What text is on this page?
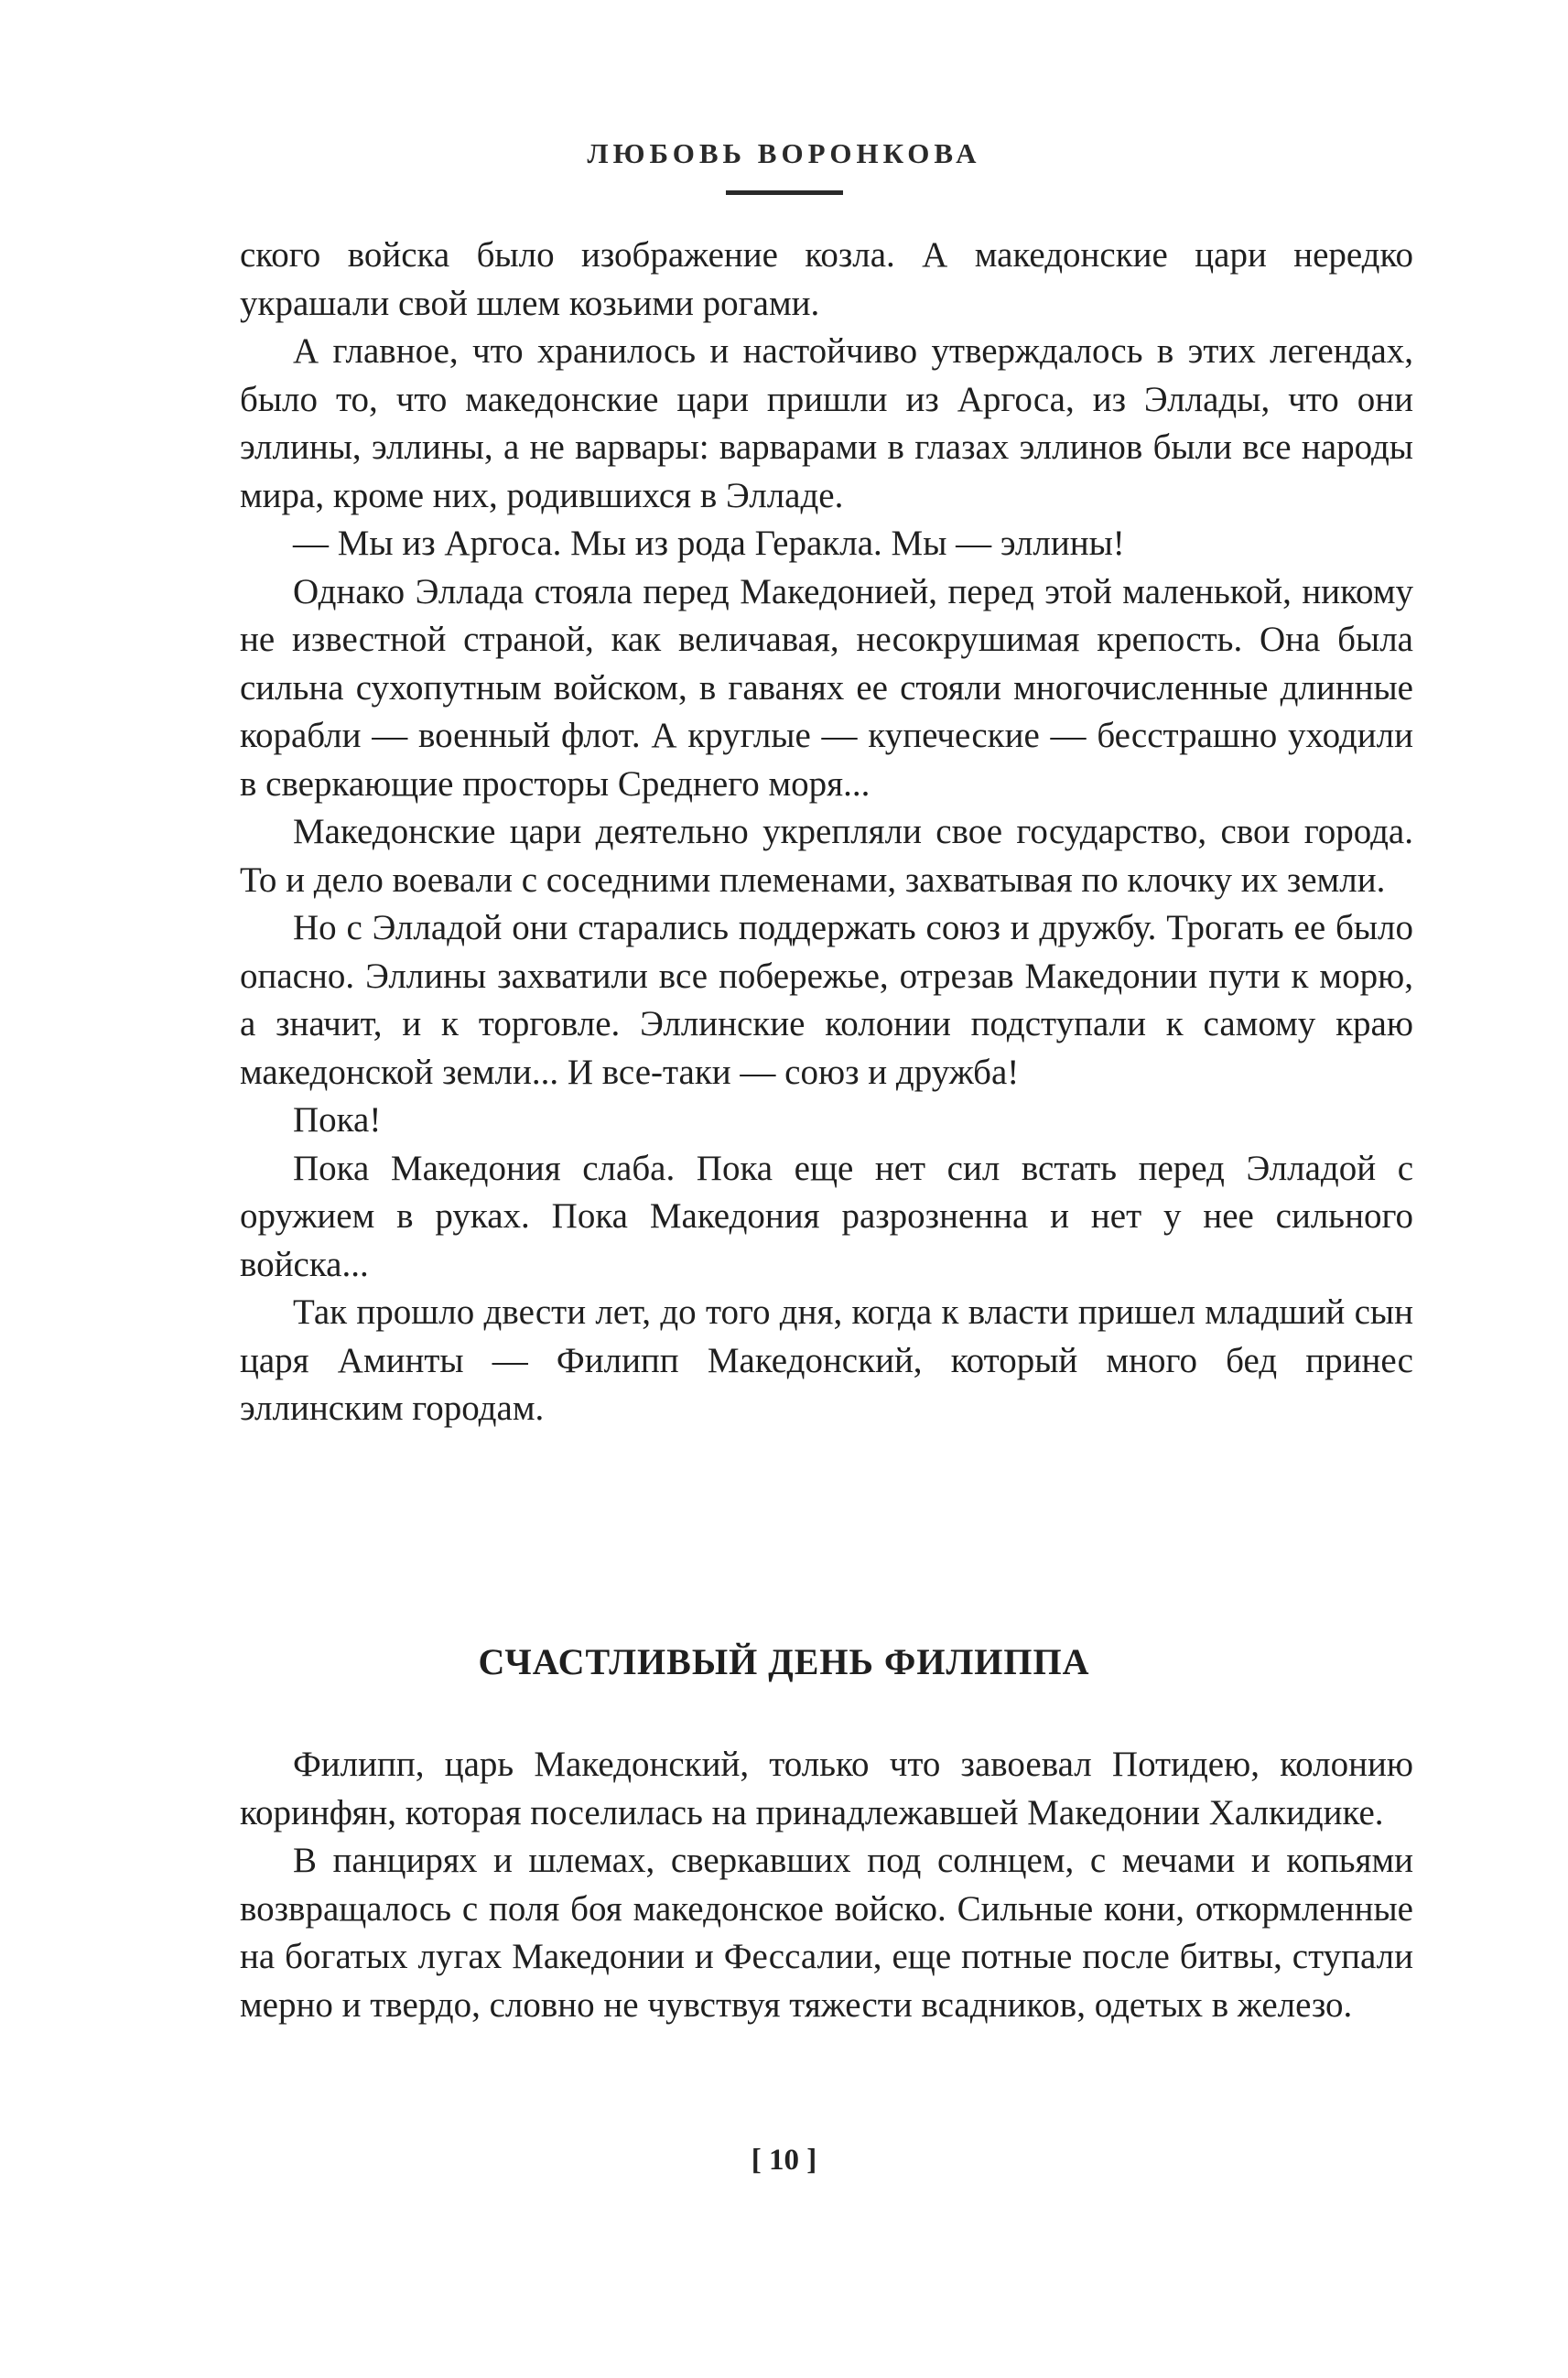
ЛЮБОВЬ ВОРОНКОВА

ского войска было изображение козла. А македонские цари нередко украшали свой шлем козьими рогами.

А главное, что хранилось и настойчиво утверждалось в этих легендах, было то, что македонские цари пришли из Аргоса, из Эллады, что они эллины, эллины, а не варвары: варварами в глазах эллинов были все народы мира, кроме них, родившихся в Элладе.

— Мы из Аргоса. Мы из рода Геракла. Мы — эллины!

Однако Эллада стояла перед Македонией, перед этой маленькой, никому не известной страной, как величавая, несокрушимая крепость. Она была сильна сухопутным войском, в гаванях ее стояли многочисленные длинные корабли — военный флот. А круглые — купеческие — бесстрашно уходили в сверкающие просторы Среднего моря...

Македонские цари деятельно укрепляли свое государство, свои города. То и дело воевали с соседними племенами, захватывая по клочку их земли.

Но с Элладой они старались поддержать союз и дружбу. Трогать ее было опасно. Эллины захватили все побережье, отрезав Македонии пути к морю, а значит, и к торговле. Эллинские колонии подступали к самому краю македонской земли... И все-таки — союз и дружба!

Пока!

Пока Македония слаба. Пока еще нет сил встать перед Элладой с оружием в руках. Пока Македония разрозненна и нет у нее сильного войска...

Так прошло двести лет, до того дня, когда к власти пришел младший сын царя Аминты — Филипп Македонский, который много бед принес эллинским городам.

СЧАСТЛИВЫЙ ДЕНЬ ФИЛИППА

Филипп, царь Македонский, только что завоевал Потидею, колонию коринфян, которая поселилась на принадлежавшей Македонии Халкидике.

В панцирях и шлемах, сверкавших под солнцем, с мечами и копьями возвращалось с поля боя македонское войско. Сильные кони, откормленные на богатых лугах Македонии и Фессалии, еще потные после битвы, ступали мерно и твердо, словно не чувствуя тяжести всадников, одетых в железо.

[ 10 ]
